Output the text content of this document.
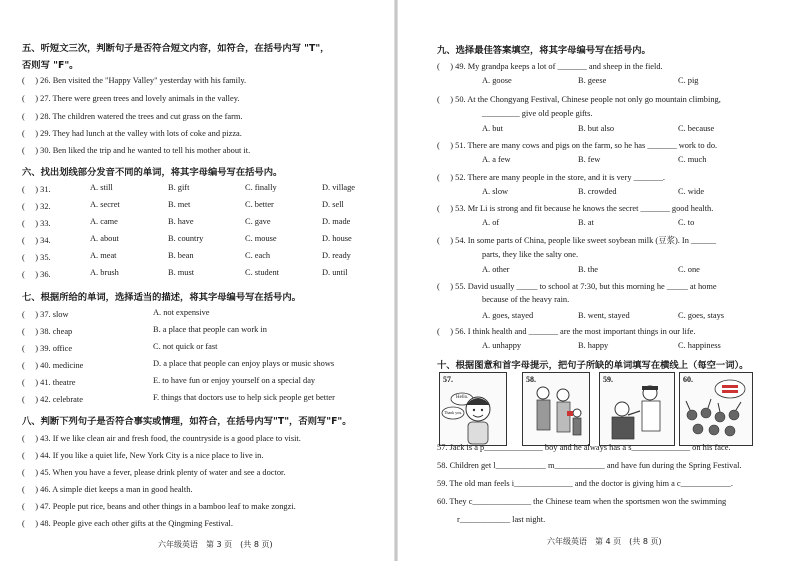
五、听短文三次，判断句子是否符合短文内容，如符合，在括号内写 "T"，
否则写 "F"。
(　 ) 26. Ben visited the "Happy Valley" yesterday with his family.
(　 ) 27. There were green trees and lovely animals in the valley.
(　 ) 28. The children watered the trees and cut grass on the farm.
(　 ) 29. They had lunch at the valley with lots of coke and pizza.
(　 ) 30. Ben liked the trip and he wanted to tell his mother about it.
六、找出划线部分发音不同的单词，将其字母编号写在括号内。
(　 ) 31.	A. still	B. gift	C. finally	D. village
(　 ) 32.	A. secret	B. met	C. better	D. sell
(　 ) 33.	A. came	B. have	C. gave	D. made
(　 ) 34.	A. about	B. country	C. mouse	D. house
(　 ) 35.	A. meat	B. bean	C. each	D. ready
(　 ) 36.	A. brush	B. must	C. student	D. until
七、根据所给的单词，选择适当的描述，将其字母编号写在括号内。
(　 ) 37. slow	A. not expensive
(　 ) 38. cheap	B. a place that people can work in
(　 ) 39. office	C. not quick or fast
(　 ) 40. medicine	D. a place that people can enjoy plays or music shows
(　 ) 41. theatre	E. to have fun or enjoy yourself on a special day
(　 ) 42. celebrate	F. things that doctors use to help sick people get better
八、判断下列句子是否符合事实或情理，如符合，在括号内写"T"，否则写"F"。
(　 ) 43. If we like clean air and fresh food, the countryside is a good place to visit.
(　 ) 44. If you like a quiet life, New York City is a nice place to live in.
(　 ) 45. When you have a fever, please drink plenty of water and see a doctor.
(　 ) 46. A simple diet keeps a man in good health.
(　 ) 47. People put rice, beans and other things in a bamboo leaf to make zongzi.
(　 ) 48. People give each other gifts at the Qingming Festival.
六年级英语　第 3 页　(共 8 页)
九、选择最佳答案填空，将其字母编号写在括号内。
(　 ) 49. My grandpa keeps a lot of _______ and sheep in the field.
A. goose	B. geese	C. pig
(　 ) 50. At the Chongyang Festival, Chinese people not only go mountain climbing,
_________ give old people gifts.
A. but	B. but also	C. because
(　 ) 51. There are many cows and pigs on the farm, so he has _______ work to do.
A. a few	B. few	C. much
(　 ) 52. There are many people in the store, and it is very _______.
A. slow	B. crowded	C. wide
(　 ) 53. Mr Li is strong and fit because he knows the secret _______ good health.
A. of	B. at	C. to
(　 ) 54. In some parts of China, people like sweet soybean milk (豆浆). In ______
parts, they like the salty one.
A. other	B. the	C. one
(　 ) 55. David usually _____ to school at 7:30, but this morning he _____ at home
because of the heavy rain.
A. goes, stayed	B. went, stayed	C. goes, stays
(　 ) 56. I think health and _______ are the most important things in our life.
A. unhappy	B. happy	C. happiness
十、根据图意和首字母提示，把句子所缺的单词填写在横线上（每空一词）。
57.
Hello.
Thank you.
58.	59.	60.
57. Jack is a p______________ boy and he always has a s______________ on his face.
58. Children get l____________ m____________ and have fun during the Spring Festival.
59. The old man feels i______________ and the doctor is giving him a c____________.
60. They c______________ the Chinese team when the sportsmen won the swimming
r____________ last night.
六年级英语　第 4 页　(共 8 页)
